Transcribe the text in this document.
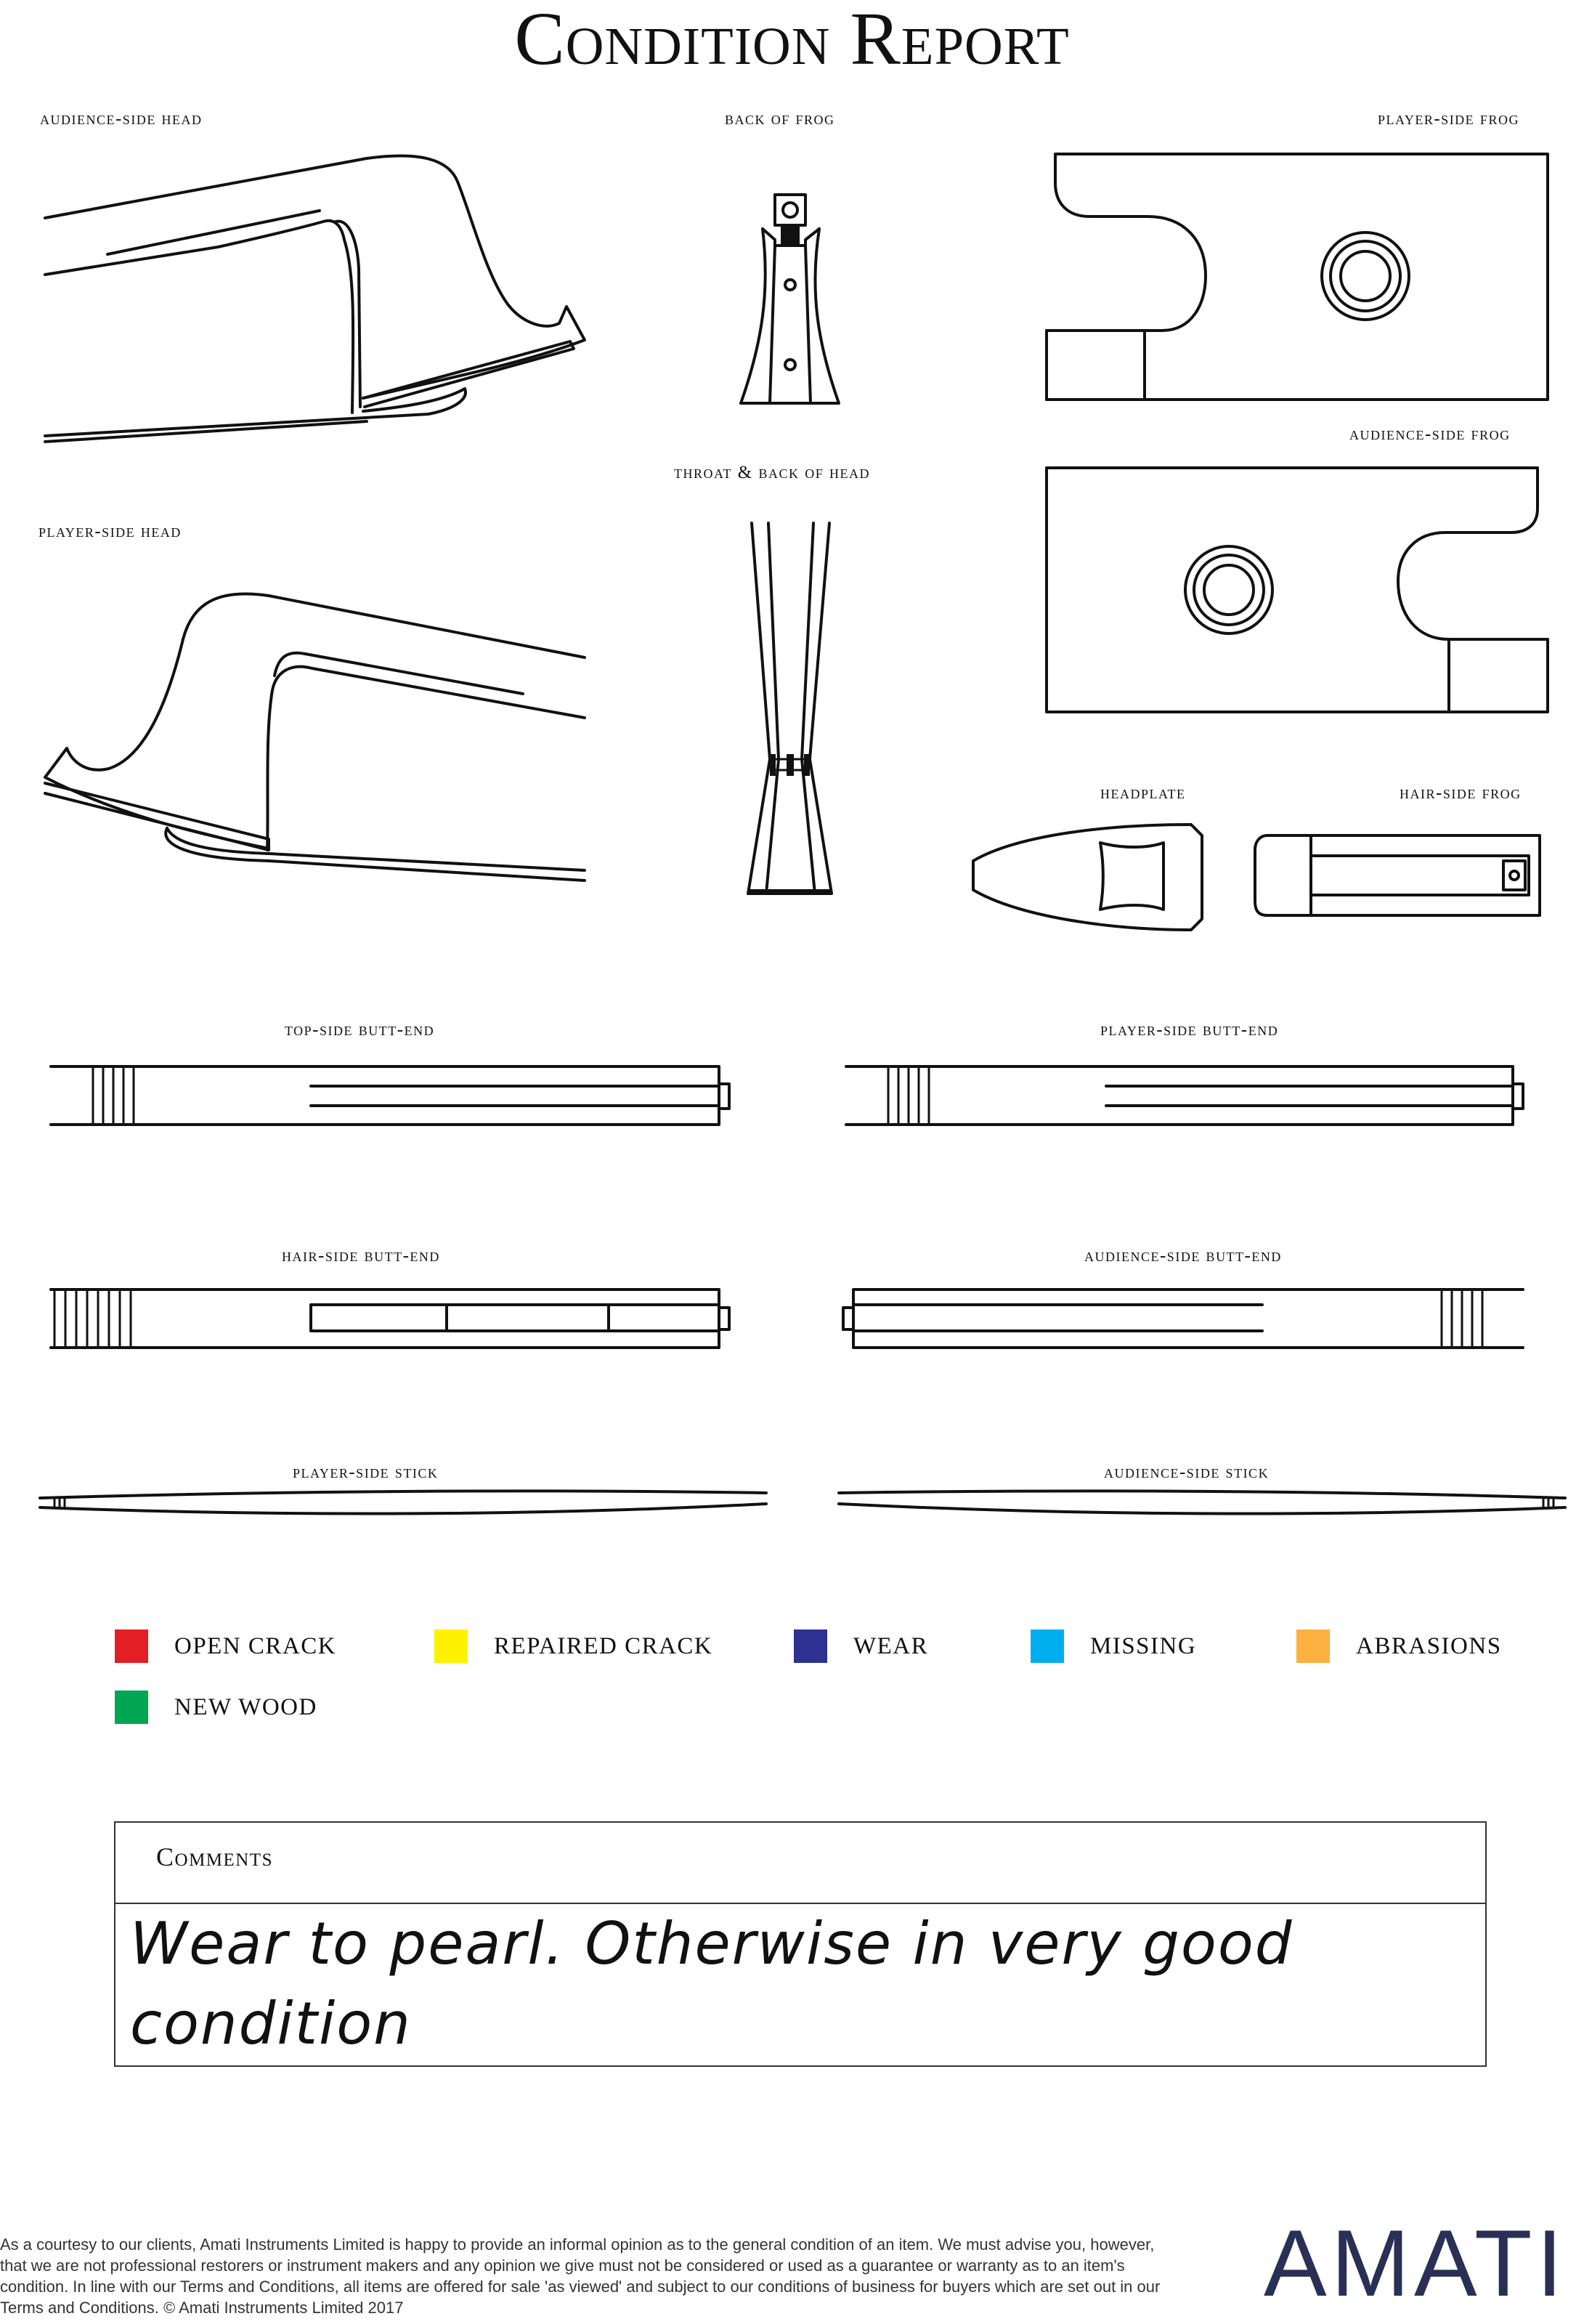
Condition Report
audience-side head	back of frog	player-side frog
audience-side frog
throat & back of head
player-side head
headplate	hair-side frog
top-side butt-end	player-side butt-end
hair-side butt-end	audience-side butt-end
player-side stick	audience-side stick
OPEN CRACK	REPAIRED CRACK	WEAR	MISSING	ABRASIONS
NEW WOOD
Comments
Wear to pearl. Otherwise in very good condition
As a courtesy to our clients, Amati Instruments Limited is happy to provide an informal opinion as to the general condition of an item. We must advise you, however, that we are not professional restorers or instrument makers and any opinion we give must not be considered or used as a guarantee or warranty as to an item's condition. In line with our Terms and Conditions, all items are offered for sale 'as viewed' and subject to our conditions of business for buyers which are set out in our Terms and Conditions. © Amati Instruments Limited 2017	AMATI
